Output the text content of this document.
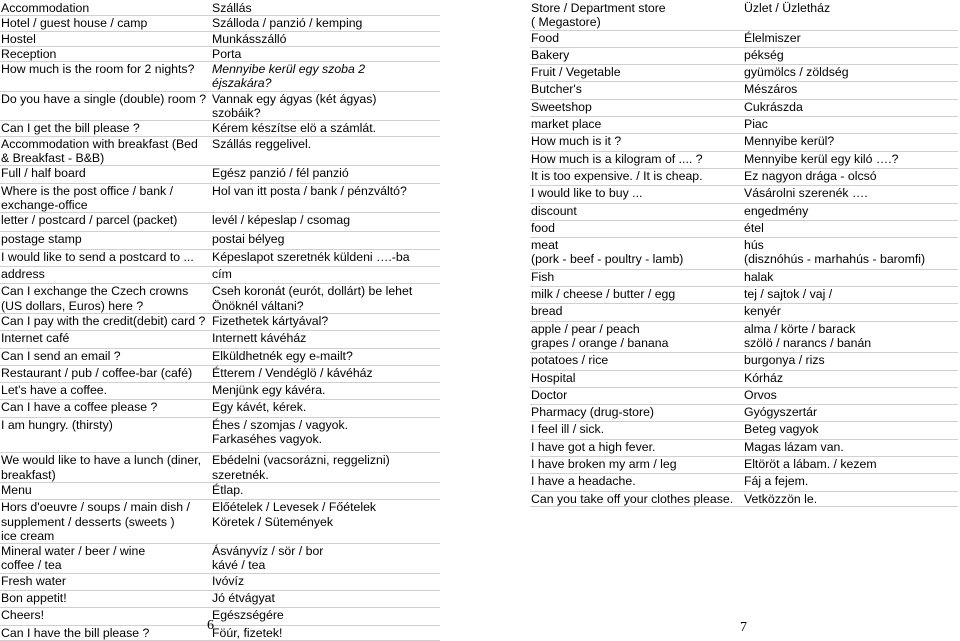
Accommodation	Szállás
Hotel / guest house / camp	Szálloda / panzió / kemping
Hostel	Munkásszálló
Reception	Porta
How much is the room for 2 nights?	Mennyibe kerül egy szoba 2
éjszakára?
Do you have a single (double) room ?	Vannak egy ágyas (két ágyas)
szobáik?
Can I get the bill please ?	Kérem készítse elö a számlát.
Accommodation with breakfast (Bed
& Breakfast - B&B)	Szállás reggelivel.
Full / half board	Egész panzió / fél panzió
Where is the post office / bank /
exchange-office	Hol van itt posta / bank / pénzváltó?
letter / postcard / parcel (packet)	levél / képeslap / csomag
postage stamp	postai bélyeg
I would like to send a postcard to ...	Képeslapot szeretnék küldeni ….-ba
address	cím
Can I exchange the Czech crowns
(US dollars, Euros) here ?	Cseh koronát (eurót, dollárt) be lehet
Önöknél váltani?
Can I pay with the credit(debit) card ?	Fizethetek kártyával?
Internet café	Internett kávéház
Can I send an email ?	Elküldhetnék egy e-mailt?
Restaurant / pub / coffee-bar (café)	Étterem / Vendéglö / kávéház
Let's have a coffee.	Menjünk egy kávéra.
Can I have a coffee please ?	Egy kávét, kérek.
I am hungry. (thirsty)	Éhes / szomjas / vagyok.
Farkaséhes vagyok.
We would like to have a lunch (diner,
breakfast)	Ebédelni (vacsorázni, reggelizni)
szeretnék.
Menu	Étlap.
Hors d'oeuvre / soups / main dish /
supplement / desserts (sweets )
ice cream	Előételek / Levesek / Főételek
Köretek / Sütemények
Mineral water / beer / wine
coffee / tea	Ásványvíz / sör / bor
kávé / tea
Fresh water	Ivóvíz
Bon appetit!	Jó étvágyat
Cheers!	Egészségére
Can I have the bill please ?	Föúr, fizetek!
6
Store / Department store
( Megastore)	Üzlet / Üzletház
Food	Élelmiszer
Bakery	pékség
Fruit / Vegetable	gyümölcs / zöldség
Butcher's	Mészáros
Sweetshop	Cukrászda
market place	Piac
How much is it ?	Mennyibe kerül?
How much is a kilogram of .... ?	Mennyibe kerül egy kiló ….?
It is too expensive. / It is cheap.	Ez nagyon drága - olcsó
I would like to buy ...	Vásárolni szerenék ….
discount	engedmény
food	étel
meat
(pork - beef - poultry - lamb)	hús
(disznóhús - marhahús - baromfi)
Fish	halak
milk / cheese / butter / egg	tej / sajtok / vaj /
bread	kenyér
apple / pear / peach
grapes / orange / banana	alma / körte / barack
szölö / narancs / banán
potatoes / rice	burgonya / rizs
Hospital	Kórház
Doctor	Orvos
Pharmacy (drug-store)	Gyógyszertár
I feel ill / sick.	Beteg vagyok
I have got a high fever.	Magas lázam van.
I have broken my arm / leg	Eltöröt a lábam. / kezem
I have a headache.	Fáj a fejem.
Can you take off your clothes please.	Vetközzön le.
7
